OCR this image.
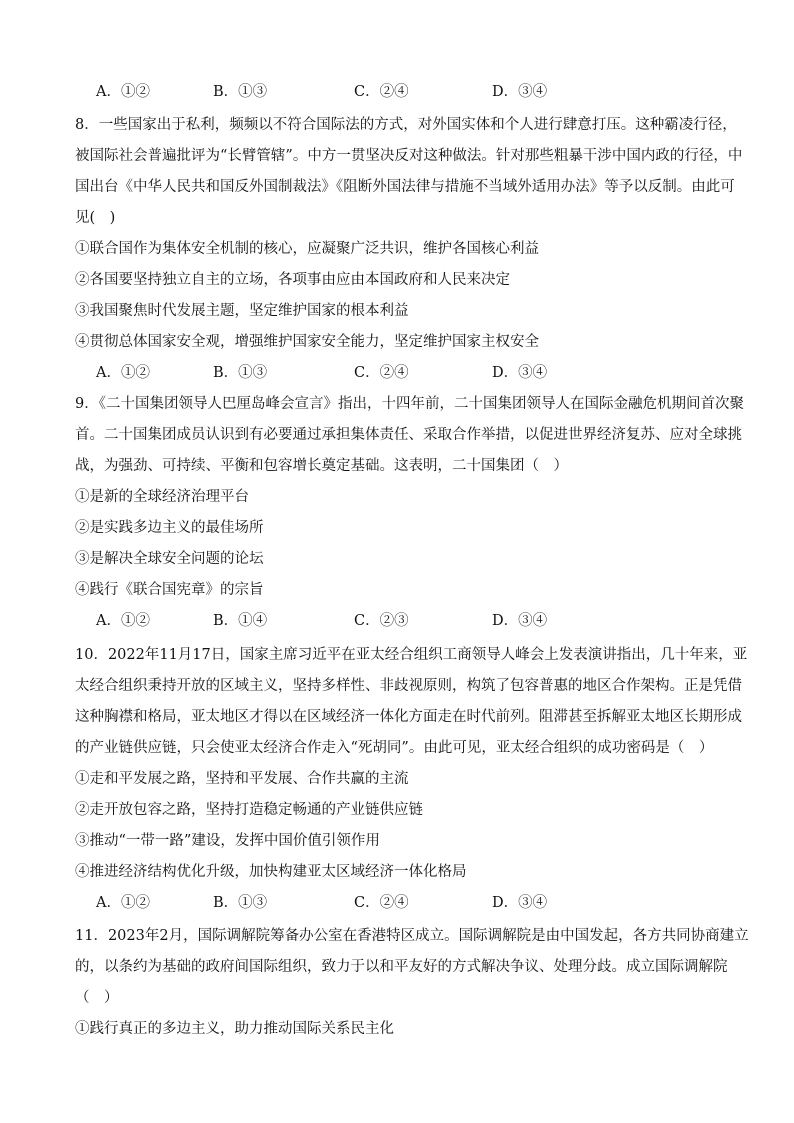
A．①②	B．①③	C．②④	D．③④
8．一些国家出于私利，频频以不符合国际法的方式，对外国实体和个人进行肆意打压。这种霸凌行径，
被国际社会普遍批评为“长臂管辖”。中方一贯坚决反对这种做法。针对那些粗暴干涉中国内政的行径，中
国出台《中华人民共和国反外国制裁法》《阻断外国法律与措施不当域外适用办法》等予以反制。由此可
见(　)
①联合国作为集体安全机制的核心，应凝聚广泛共识，维护各国核心利益
②各国要坚持独立自主的立场，各项事由应由本国政府和人民来决定
③我国聚焦时代发展主题，坚定维护国家的根本利益
④贯彻总体国家安全观，增强维护国家安全能力，坚定维护国家主权安全
A．①②	B．①③	C．②④	D．③④
9．《二十国集团领导人巴厘岛峰会宣言》指出，十四年前，二十国集团领导人在国际金融危机期间首次聚
首。二十国集团成员认识到有必要通过承担集体责任、采取合作举措，以促进世界经济复苏、应对全球挑
战，为强劲、可持续、平衡和包容增长奠定基础。这表明，二十国集团（　）
①是新的全球经济治理平台
②是实践多边主义的最佳场所
③是解决全球安全问题的论坛
④践行《联合国宪章》的宗旨
A．①②	B．①④	C．②③	D．③④
10．2022年11月17日，国家主席习近平在亚太经合组织工商领导人峰会上发表演讲指出，几十年来，亚
太经合组织秉持开放的区域主义，坚持多样性、非歧视原则，构筑了包容普惠的地区合作架构。正是凭借
这种胸襟和格局，亚太地区才得以在区域经济一体化方面走在时代前列。阻滞甚至拆解亚太地区长期形成
的产业链供应链，只会使亚太经济合作走入“死胡同”。由此可见，亚太经合组织的成功密码是（　）
①走和平发展之路，坚持和平发展、合作共赢的主流
②走开放包容之路，坚持打造稳定畅通的产业链供应链
③推动“一带一路”建设，发挥中国价值引领作用
④推进经济结构优化升级，加快构建亚太区域经济一体化格局
A．①②	B．①③	C．②④	D．③④
11．2023年2月，国际调解院筹备办公室在香港特区成立。国际调解院是由中国发起，各方共同协商建立
的，以条约为基础的政府间国际组织，致力于以和平友好的方式解决争议、处理分歧。成立国际调解院
（　）
①践行真正的多边主义，助力推动国际关系民主化
